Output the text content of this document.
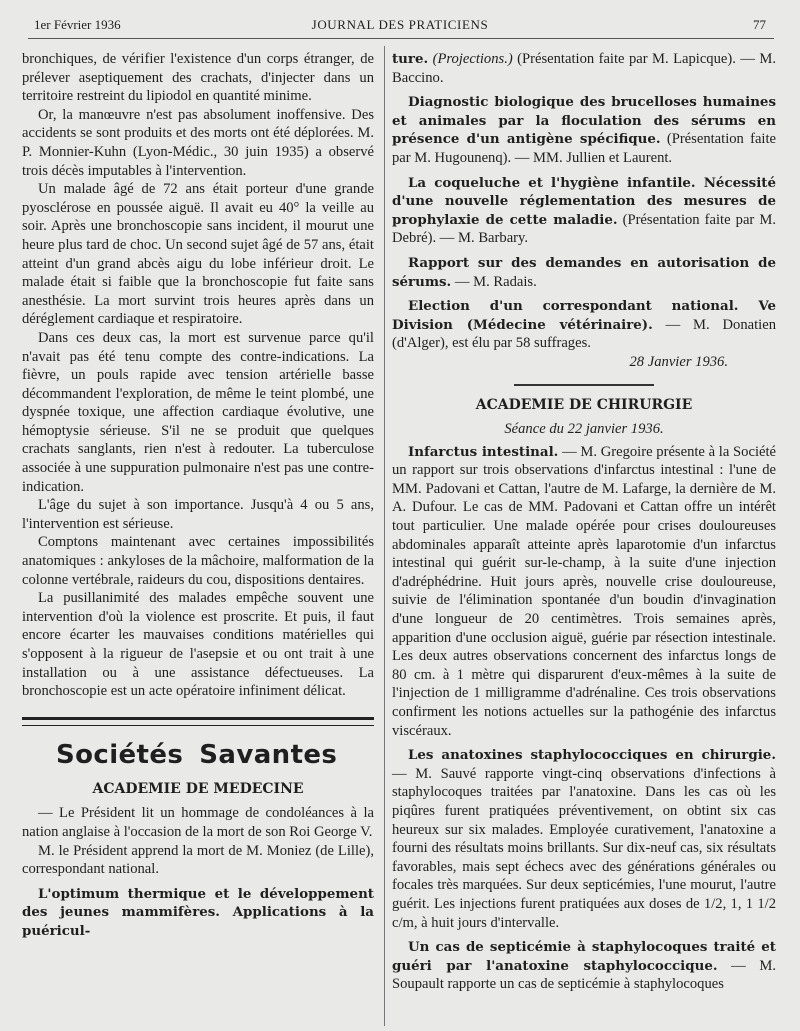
1er Février 1936	JOURNAL DES PRATICIENS	77

bronchiques, de vérifier l'existence d'un corps étranger, de prélever aseptiquement des crachats, d'injecter dans un territoire restreint du lipiodol en quantité minime.

Or, la manœuvre n'est pas absolument inoffensive. Des accidents se sont produits et des morts ont été déplorées. M. P. Monnier-Kuhn (Lyon-Médic., 30 juin 1935) a observé trois décès imputables à l'intervention.

Un malade âgé de 72 ans était porteur d'une grande pyosclérose en poussée aiguë. Il avait eu 40° la veille au soir. Après une bronchoscopie sans incident, il mourut une heure plus tard de choc. Un second sujet âgé de 57 ans, était atteint d'un grand abcès aigu du lobe inférieur droit. Le malade était si faible que la bronchoscopie fut faite sans anesthésie. La mort survint trois heures après dans un déréglement cardiaque et respiratoire.

Dans ces deux cas, la mort est survenue parce qu'il n'avait pas été tenu compte des contre-indications. La fièvre, un pouls rapide avec tension artérielle basse décommandent l'exploration, de même le teint plombé, une dyspnée toxique, une affection cardiaque évolutive, une hémoptysie sérieuse. S'il ne se produit que quelques crachats sanglants, rien n'est à redouter. La tuberculose associée à une suppuration pulmonaire n'est pas une contre-indication.

L'âge du sujet à son importance. Jusqu'à 4 ou 5 ans, l'intervention est sérieuse.

Comptons maintenant avec certaines impossibilités anatomiques : ankyloses de la mâchoire, malformation de la colonne vertébrale, raideurs du cou, dispositions dentaires.

La pusillanimité des malades empêche souvent une intervention d'où la violence est proscrite. Et puis, il faut encore écarter les mauvaises conditions matérielles qui s'opposent à la rigueur de l'asepsie et ou ont trait à une installation ou à une assistance défectueuses. La bronchoscopie est un acte opératoire infiniment délicat.

Sociétés Savantes
ACADEMIE DE MEDECINE

— Le Président lit un hommage de condoléances à la nation anglaise à l'occasion de la mort de son Roi George V.

M. le Président apprend la mort de M. Moniez (de Lille), correspondant national.

L'optimum thermique et le développement des jeunes mammifères. Applications à la puéricul-

ture. (Projections.) (Présentation faite par M. Lapicque). — M. Baccino.

Diagnostic biologique des brucelloses humaines et animales par la floculation des sérums en présence d'un antigène spécifique. (Présentation faite par M. Hugounenq). — MM. Jullien et Laurent.

La coqueluche et l'hygiène infantile. Nécessité d'une nouvelle réglementation des mesures de prophylaxie de cette maladie. (Présentation faite par M. Debré). — M. Barbary.

Rapport sur des demandes en autorisation de sérums. — M. Radais.

Election d'un correspondant national. Ve Division (Médecine vétérinaire). — M. Donatien (d'Alger), est élu par 58 suffrages.

28 Janvier 1936.

ACADEMIE DE CHIRURGIE
Séance du 22 janvier 1936.

Infarctus intestinal. — M. Gregoire présente à la Société un rapport sur trois observations d'infarctus intestinal : l'une de MM. Padovani et Cattan, l'autre de M. Lafarge, la dernière de M. A. Dufour. Le cas de MM. Padovani et Cattan offre un intérêt tout particulier. Une malade opérée pour crises douloureuses abdominales apparaît atteinte après laparotomie d'un infarctus intestinal qui guérit sur-le-champ, à la suite d'une injection d'adréphédrine. Huit jours après, nouvelle crise douloureuse, suivie de l'élimination spontanée d'un boudin d'invagination d'une longueur de 20 centimètres. Trois semaines après, apparition d'une occlusion aiguë, guérie par résection intestinale. Les deux autres observations concernent des infarctus longs de 80 cm. à 1 mètre qui disparurent d'eux-mêmes à la suite de l'injection de 1 milligramme d'adrénaline. Ces trois observations confirment les notions actuelles sur la pathogénie des infarctus viscéraux.

Les anatoxines staphylococciques en chirurgie. — M. Sauvé rapporte vingt-cinq observations d'infections à staphylocoques traitées par l'anatoxine. Dans les cas où les piqûres furent pratiquées préventivement, on obtint six cas heureux sur six malades. Employée curativement, l'anatoxine a fourni des résultats moins brillants. Sur dix-neuf cas, six résultats favorables, mais sept échecs avec des générations générales ou focales très marquées. Sur deux septicémies, l'une mourut, l'autre guérit. Les injections furent pratiquées aux doses de 1/2, 1, 1 1/2 c/m, à huit jours d'intervalle.

Un cas de septicémie à staphylocoques traité et guéri par l'anatoxine staphylococcique. — M. Soupault rapporte un cas de septicémie à staphylocoques
